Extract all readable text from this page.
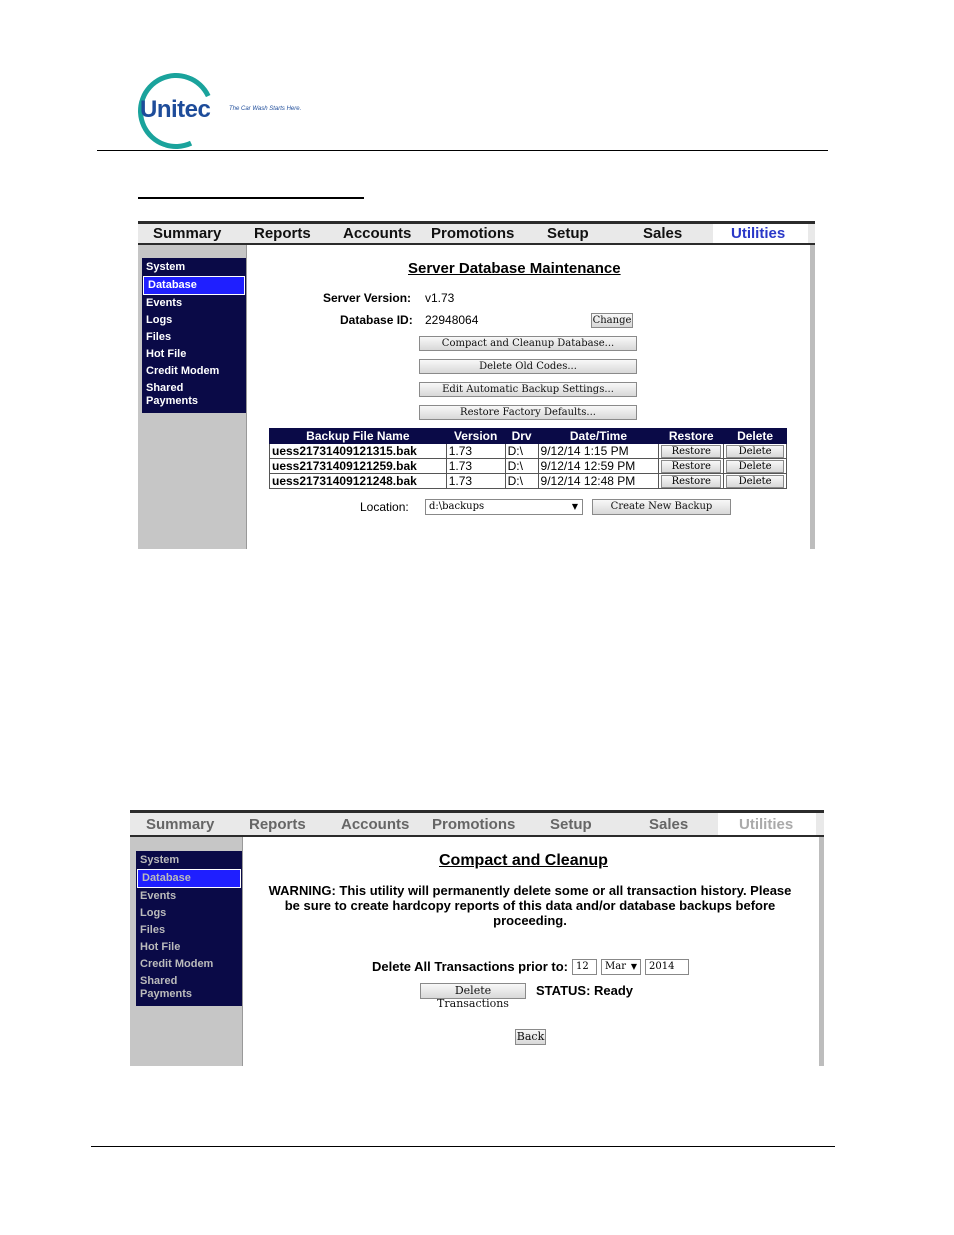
Unitec	The Car Wash Starts Here.
Summary Reports Accounts Promotions Setup	Sales	Utilities
System
Database
Events
Logs
Files
Hot File
Credit Modem
Shared Payments
Server Database Maintenance
Server Version: v1.73
Database ID: 22948064	Change
Compact and Cleanup Database...
Delete Old Codes...
Edit Automatic Backup Settings...
Restore Factory Defaults...
Backup File Name	Version	Drv	Date/Time	Restore	Delete
uess21731409121315.bak	1.73	D:\	9/12/14 1:15 PM	Restore	Delete

uess21731409121259.bak	1.73	D:\	9/12/14 12:59 PM	Restore	Delete

uess21731409121248.bak	1.73	D:\	9/12/14 12:48 PM	Restore	Delete
Location:	d:\backups	▼	Create New Backup
Summary Reports Accounts Promotions Setup	Sales	Utilities
System
Database
Events
Logs
Files
Hot File
Credit Modem
Shared Payments
Compact and Cleanup
WARNING: This utility will permanently delete some or all transaction history. Please be sure to create hardcopy reports of this data and/or database backups before proceeding.
Delete All Transactions prior to: 12	Mar ▼	2014
Delete Transactions
STATUS: Ready
Back
